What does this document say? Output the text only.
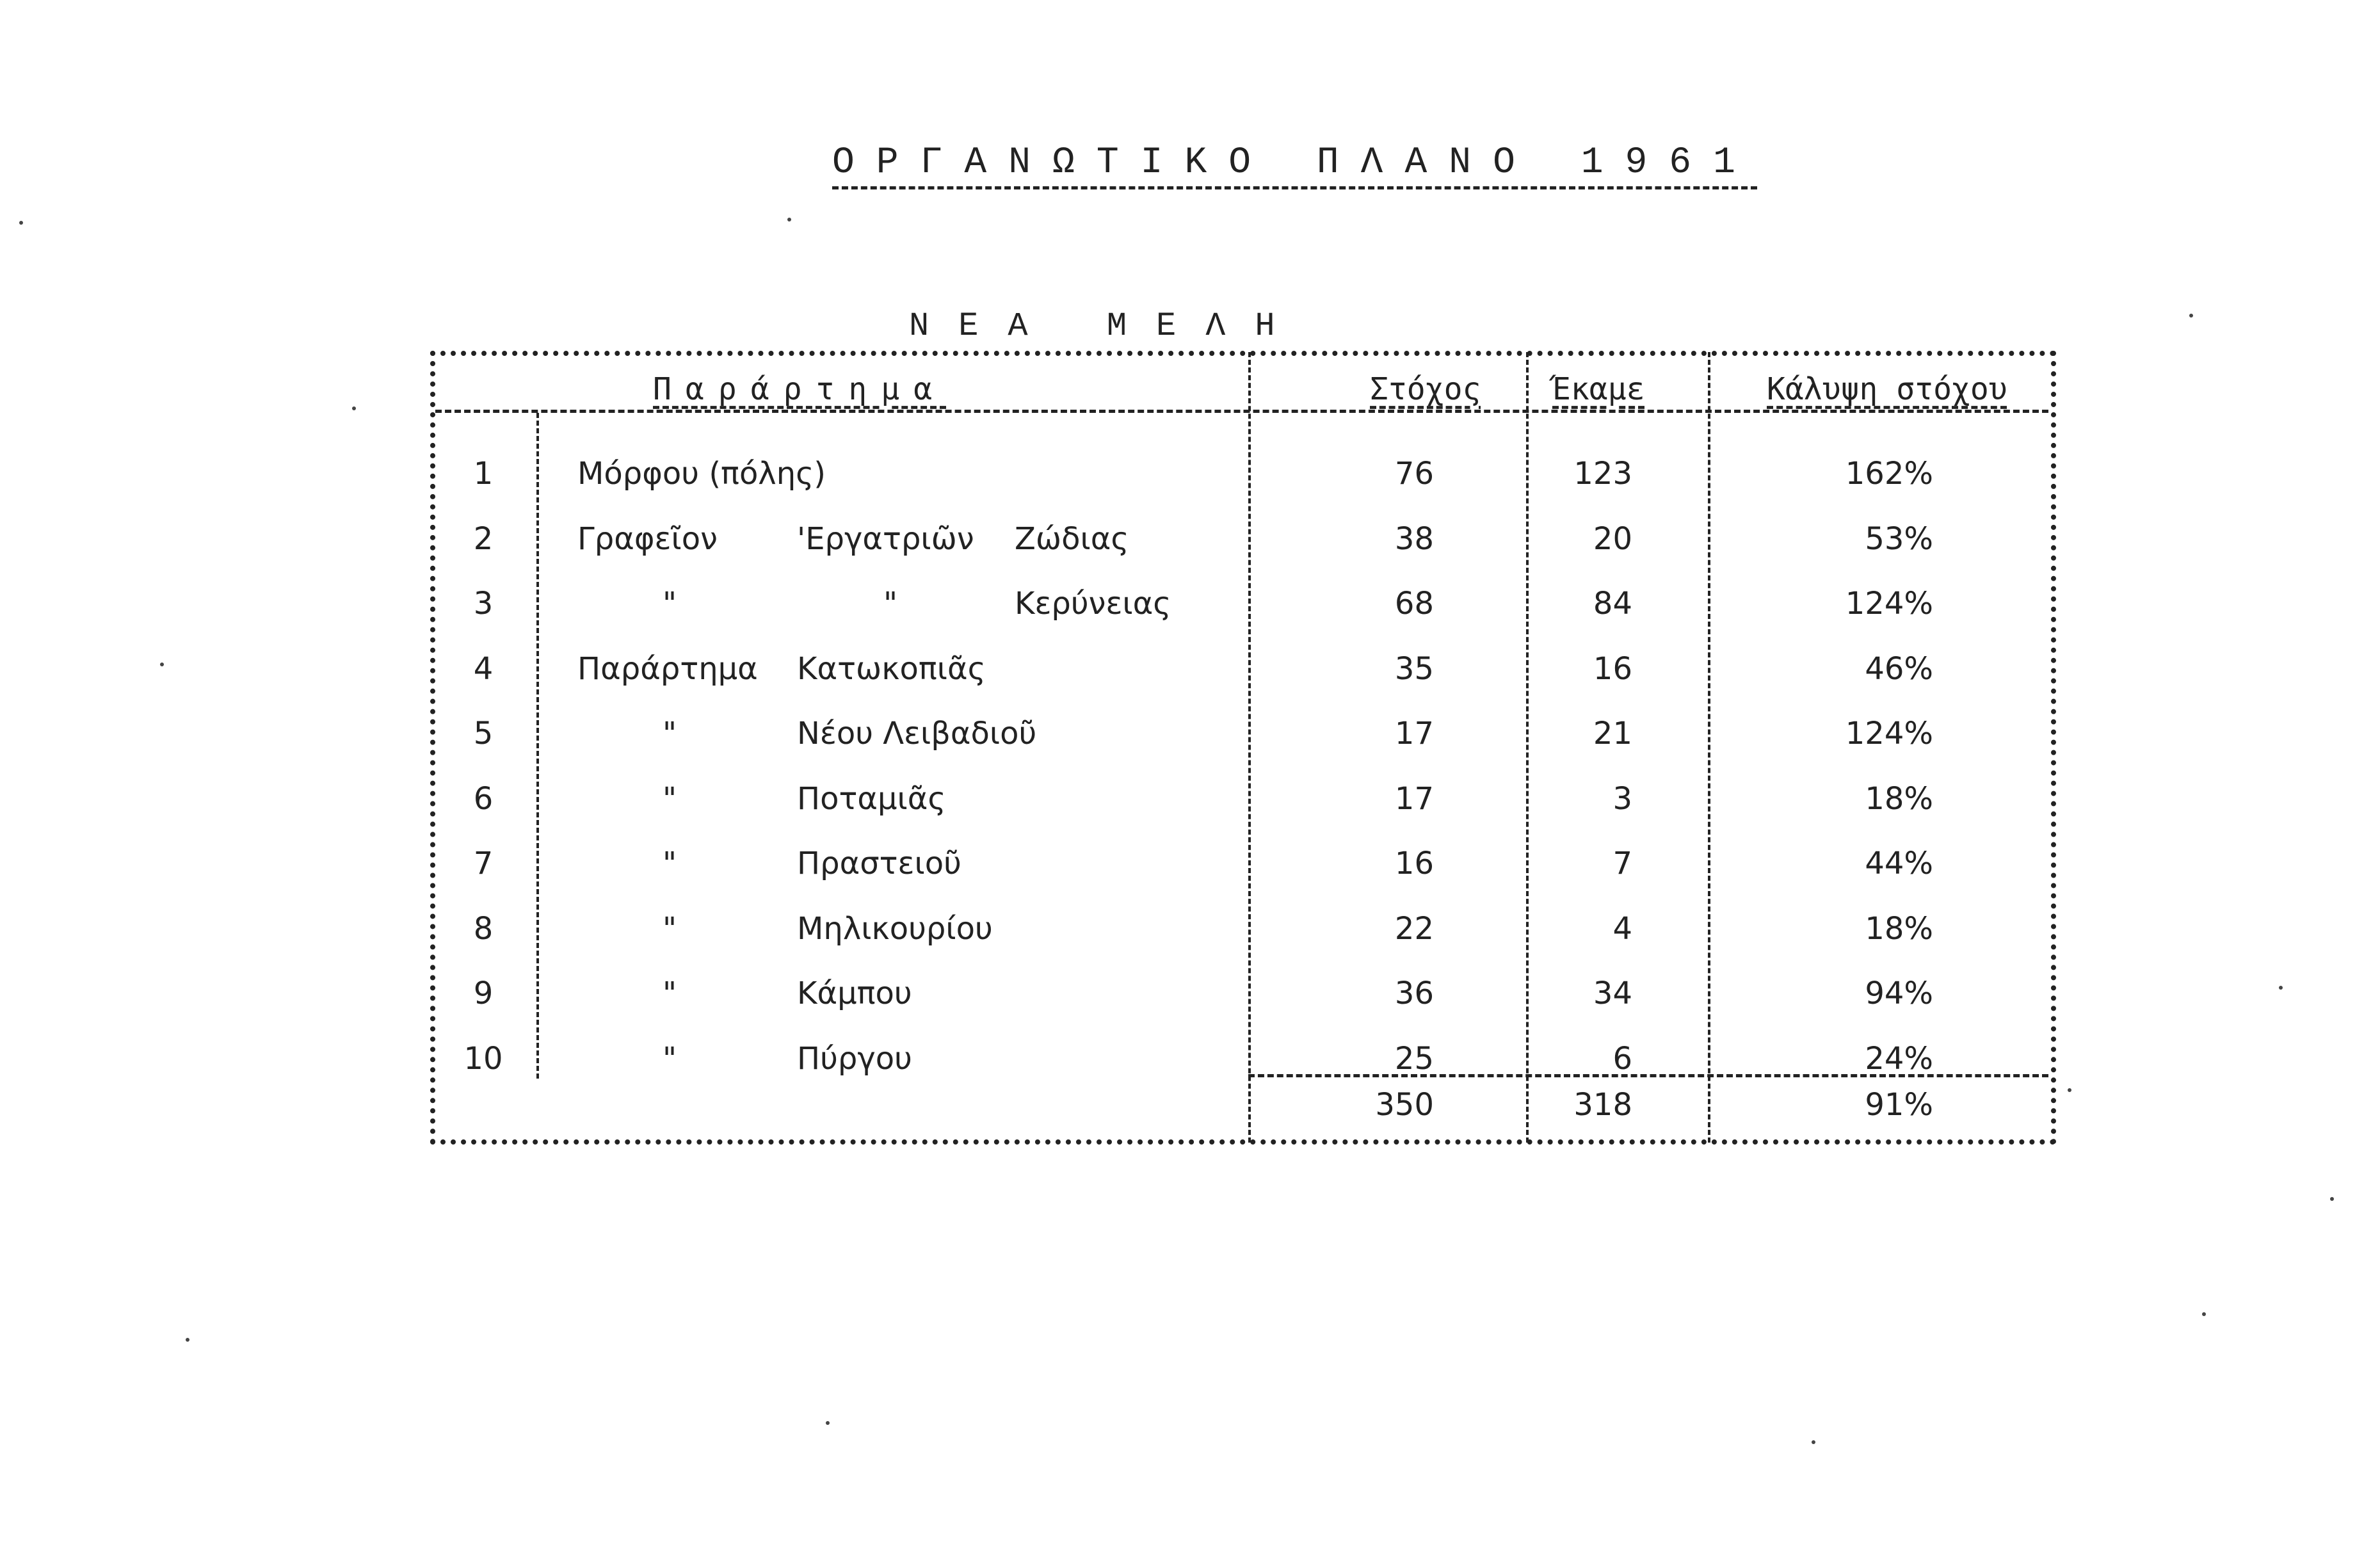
ΟΡΓΑΝΩΤΙΚΟ ΠΛΑΝΟ 1961
ΝΕΑ ΜΕΛΗ
Παράρτημα	Στόχος Έκαμε	Κάλυψη στόχου
1	Μόρφου (πόλης)	76	123	162%
2	Γραφεῖον	'Εργατριῶν Ζώδιας	38	20	53%
3	"	"	Κερύνειας	68	84	124%
4	Παράρτημα Κατωκοπιᾶς	35	16	46%
5	"	Νέου Λειβαδιοῦ	17	21	124%
6	"	Ποταμιᾶς	17	3	18%
7	"	Πραστειοῦ	16	7	44%
8	"	Μηλικουρίου	22	4	18%
9	"	Κάμπου	36	34	94%
10	"	Πύργου	25	6	24%
350	318	91%
